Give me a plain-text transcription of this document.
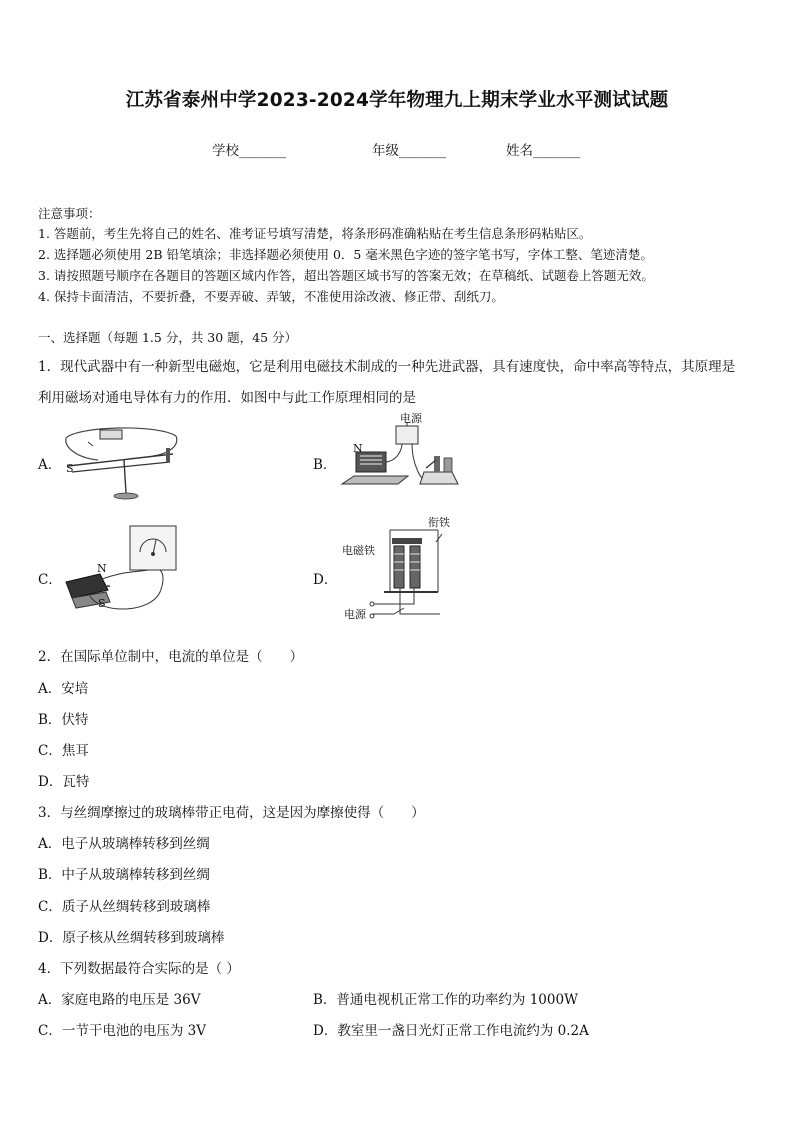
江苏省泰州中学2023-2024学年物理九上期末学业水平测试试题
学校_______	年级_______	姓名_______
注意事项：
1. 答题前，考生先将自己的姓名、准考证号填写清楚，将条形码准确粘贴在考生信息条形码粘贴区。
2. 选择题必须使用 2B 铅笔填涂；非选择题必须使用 0．5 毫米黑色字迹的签字笔书写，字体工整、笔迹清楚。
3. 请按照题号顺序在各题目的答题区域内作答，超出答题区域书写的答案无效；在草稿纸、试题卷上答题无效。
4. 保持卡面清洁，不要折叠，不要弄破、弄皱，不准使用涂改液、修正带、刮纸刀。
一、选择题（每题 1.5 分，共 30 题，45 分）
1．现代武器中有一种新型电磁炮，它是利用电磁技术制成的一种先进武器，具有速度快，命中率高等特点，其原理是
利用磁场对通电导体有力的作用．如图中与此工作原理相同的是
A．	B．
C．	D．
S
电源
N
N
S
电磁铁
衔铁
电源
2．在国际单位制中，电流的单位是（　　）
A．安培
B．伏特
C．焦耳
D．瓦特
3．与丝绸摩擦过的玻璃棒带正电荷，这是因为摩擦使得（　　）
A．电子从玻璃棒转移到丝绸
B．中子从玻璃棒转移到丝绸
C．质子从丝绸转移到玻璃棒
D．原子核从丝绸转移到玻璃棒
4．下列数据最符合实际的是（ ）
A．家庭电路的电压是 36V	B．普通电视机正常工作的功率约为 1000W
C．一节干电池的电压为 3V	D．教室里一盏日光灯正常工作电流约为 0.2A
